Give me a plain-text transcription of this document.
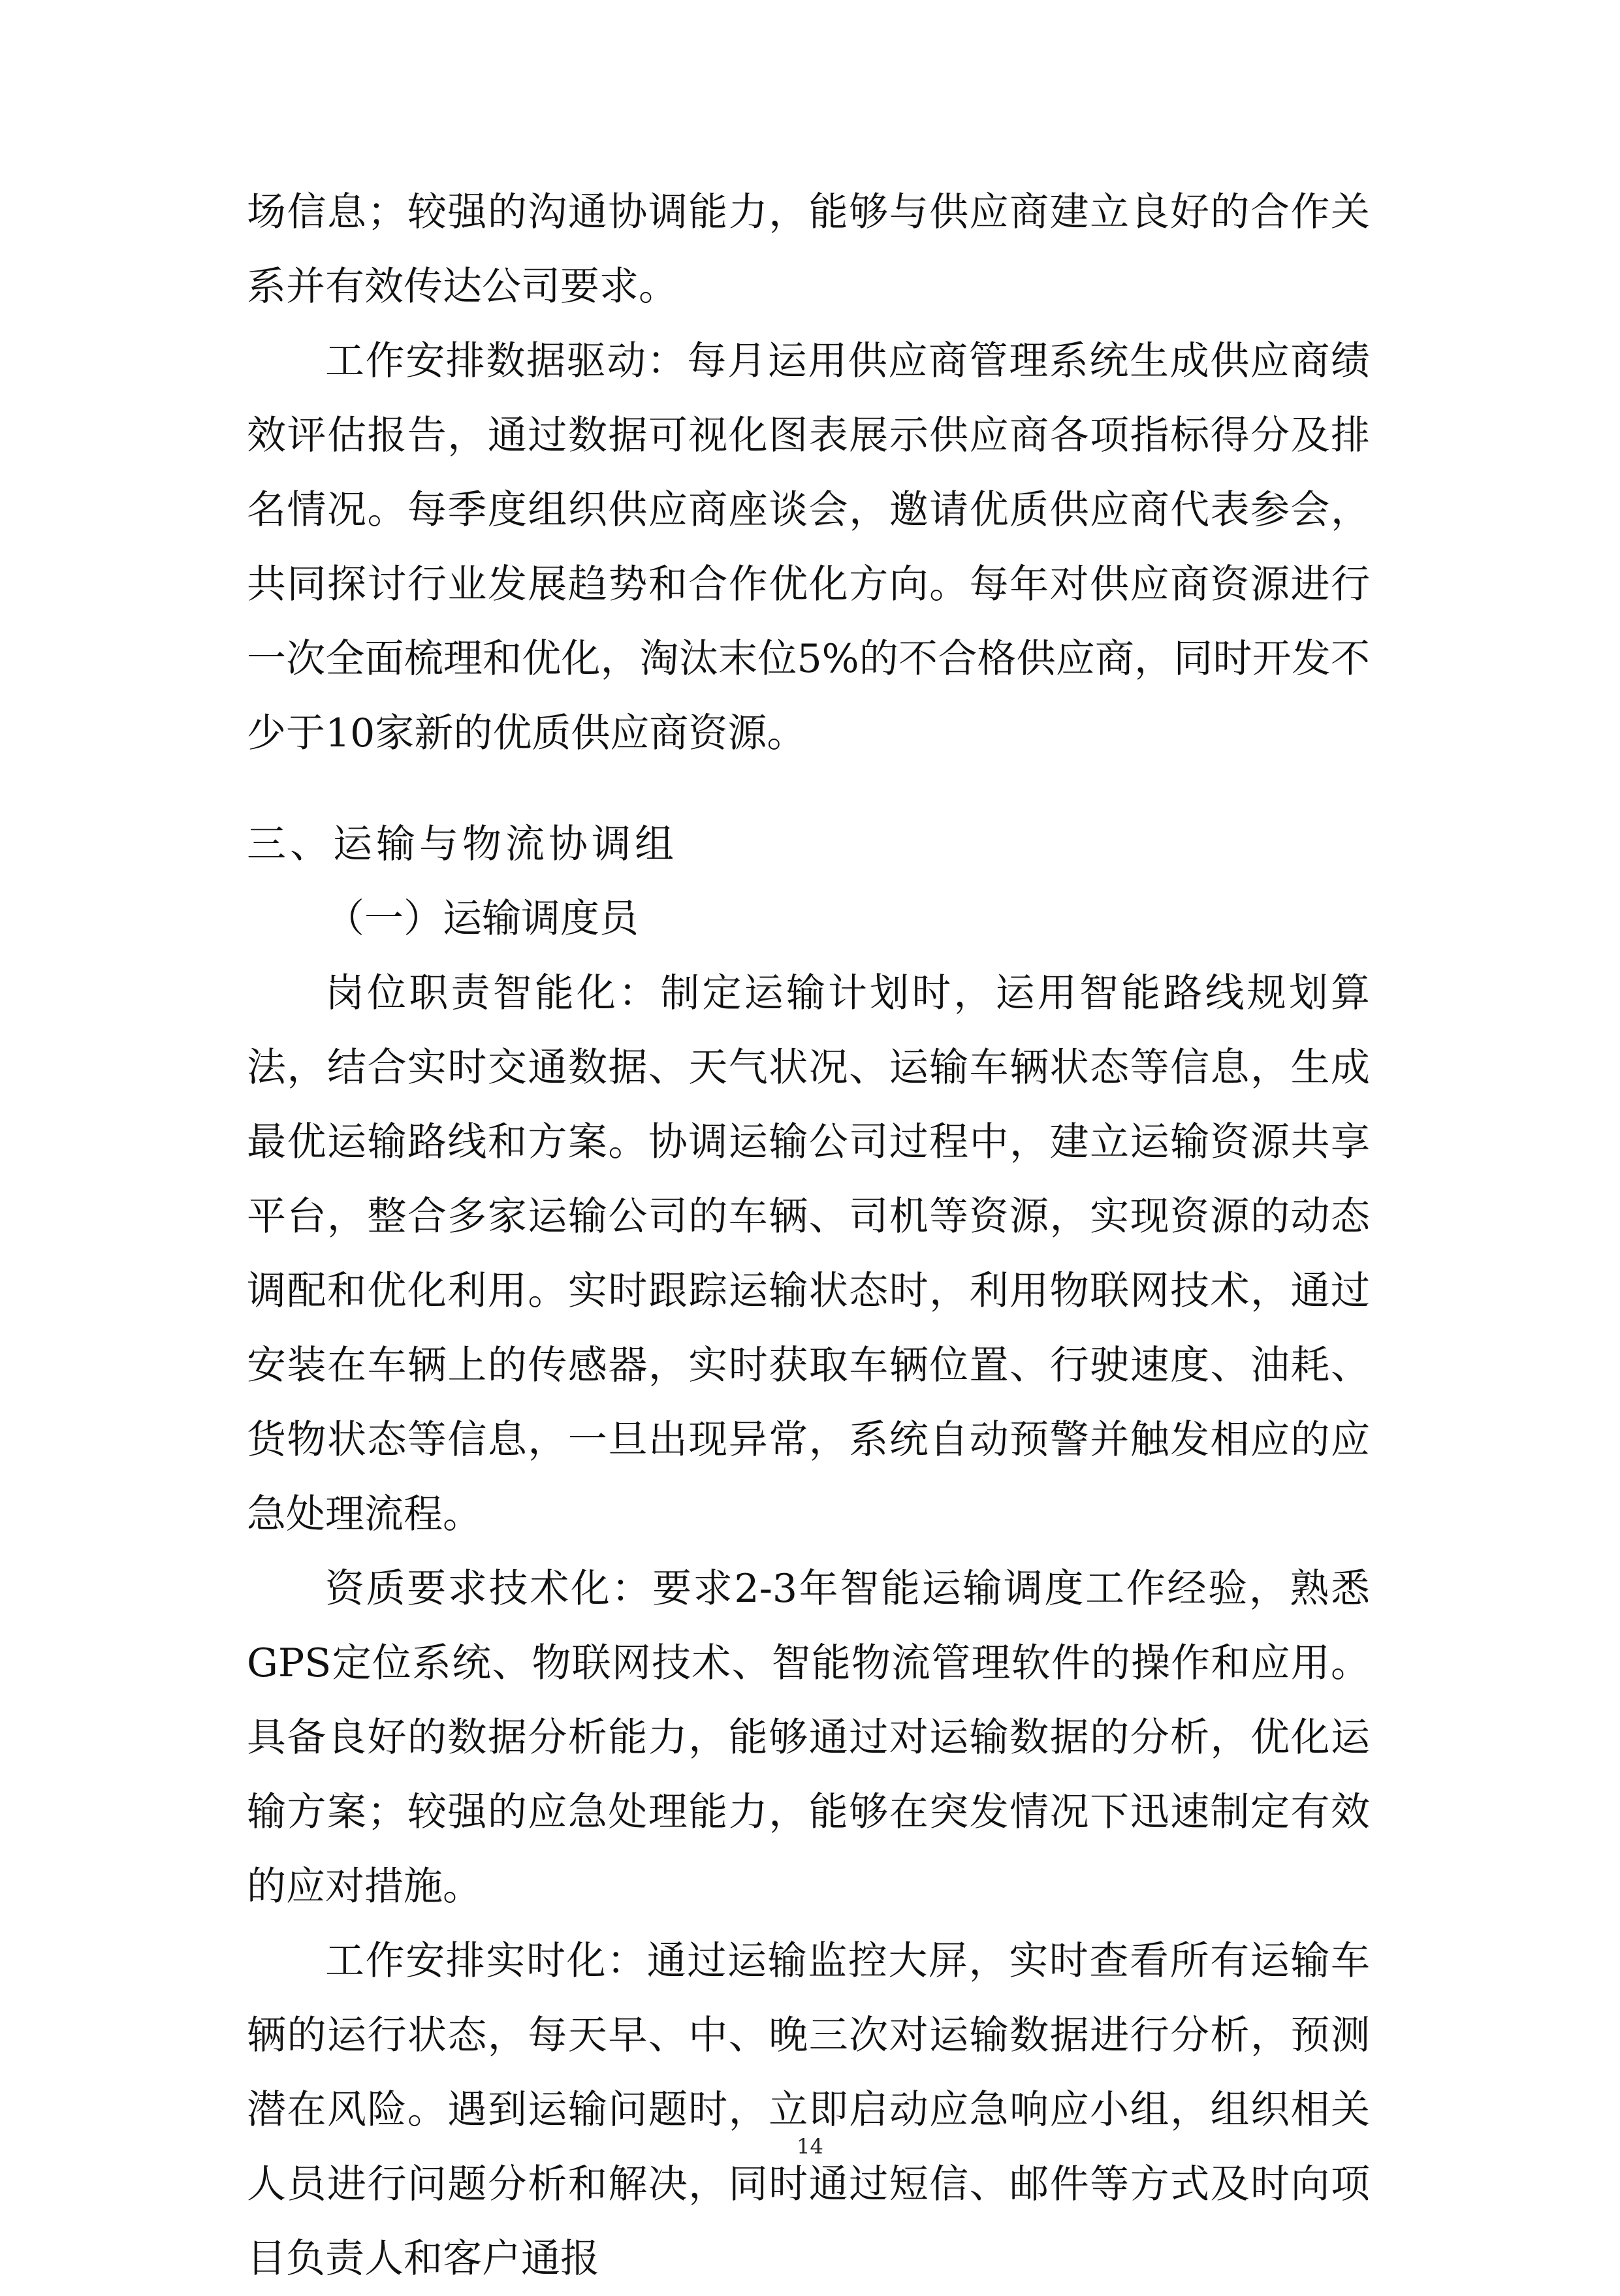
场信息；较强的沟通协调能力，能够与供应商建立良好的合作关系并有效传达公司要求。

工作安排数据驱动：每月运用供应商管理系统生成供应商绩效评估报告，通过数据可视化图表展示供应商各项指标得分及排名情况。每季度组织供应商座谈会，邀请优质供应商代表参会，共同探讨行业发展趋势和合作优化方向。每年对供应商资源进行一次全面梳理和优化，淘汰末位5%的不合格供应商，同时开发不少于10家新的优质供应商资源。

三、运输与物流协调组

（一）运输调度员

岗位职责智能化：制定运输计划时，运用智能路线规划算法，结合实时交通数据、天气状况、运输车辆状态等信息，生成最优运输路线和方案。协调运输公司过程中，建立运输资源共享平台，整合多家运输公司的车辆、司机等资源，实现资源的动态调配和优化利用。实时跟踪运输状态时，利用物联网技术，通过安装在车辆上的传感器，实时获取车辆位置、行驶速度、油耗、货物状态等信息，一旦出现异常，系统自动预警并触发相应的应急处理流程。

资质要求技术化：要求2-3年智能运输调度工作经验，熟悉GPS定位系统、物联网技术、智能物流管理软件的操作和应用。具备良好的数据分析能力，能够通过对运输数据的分析，优化运输方案；较强的应急处理能力，能够在突发情况下迅速制定有效的应对措施。

工作安排实时化：通过运输监控大屏，实时查看所有运输车辆的运行状态，每天早、中、晚三次对运输数据进行分析，预测潜在风险。遇到运输问题时，立即启动应急响应小组，组织相关人员进行问题分析和解决，同时通过短信、邮件等方式及时向项目负责人和客户通报

14
